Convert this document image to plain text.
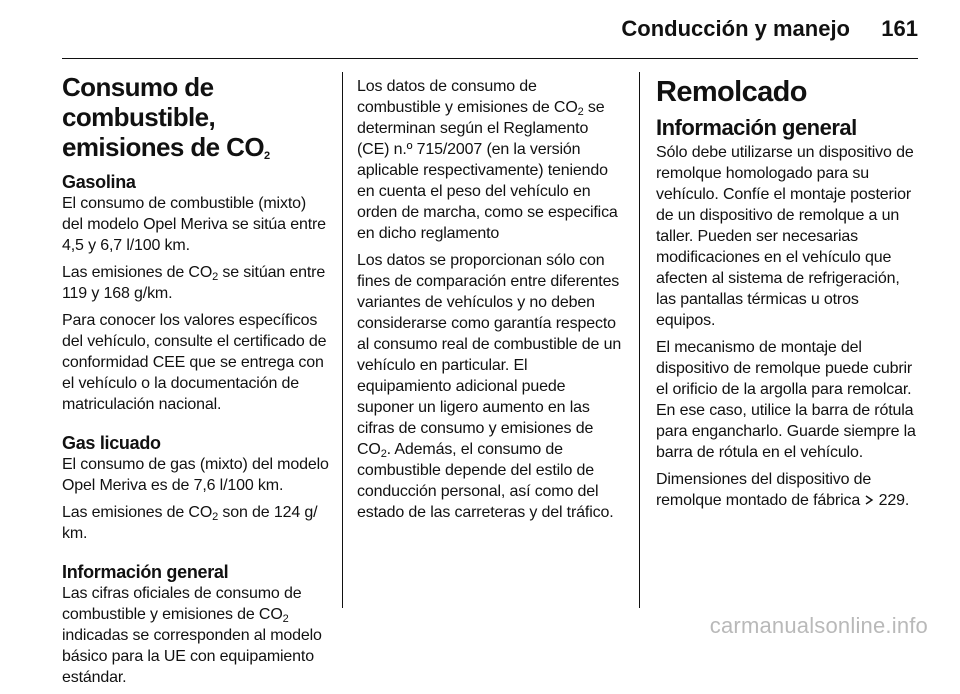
Conducción y manejo	161
Consumo de combustible,
emisiones de $CO_2$
Gasolina

El consumo de combustible (mixto) del modelo Opel Meriva se sitúa entre 4,5 y 6,7 l/100 km.

Las emisiones de $CO_2$ se sitúan entre 119 y 168 g/km.

Para conocer los valores específicos del vehículo, consulte el certificado de conformidad CEE que se entrega con el vehículo o la documentación de matriculación nacional.

Gas licuado

El consumo de gas (mixto) del modelo Opel Meriva es de 7,6 l/100 km.

Las emisiones de $CO_2$ son de 124 g/ km.

Información general

Las cifras oficiales de consumo de combustible y emisiones de $CO_2$ indicadas se corresponden al modelo básico para la UE con equipamiento estándar.

Los datos de consumo de combustible y emisiones de $CO_2$ se determinan según el Reglamento (CE) n.º 715/2007 (en la versión aplicable respectivamente) teniendo en cuenta el peso del vehículo en orden de marcha, como se especifica en dicho reglamento

Los datos se proporcionan sólo con fines de comparación entre diferentes variantes de vehículos y no deben considerarse como garantía respecto al consumo real de combustible de un vehículo en particular. El equipamiento adicional puede suponer un ligero aumento en las cifras de consumo y emisiones de $CO_2$. Además, el consumo de combustible depende del estilo de conducción personal, así como del estado de las carreteras y del tráfico.

Remolcado
Información general

Sólo debe utilizarse un dispositivo de remolque homologado para su vehículo. Confíe el montaje posterior de un dispositivo de remolque a un taller. Pueden ser necesarias modificaciones en el vehículo que afecten al sistema de refrigeración, las pantallas térmicas u otros equipos.

El mecanismo de montaje del dispositivo de remolque puede cubrir el orificio de la argolla para remolcar. En ese caso, utilice la barra de rótula para engancharlo. Guarde siempre la barra de rótula en el vehículo.

Dimensiones del dispositivo de remolque montado de fábrica 229.

carmanualsonline.info
